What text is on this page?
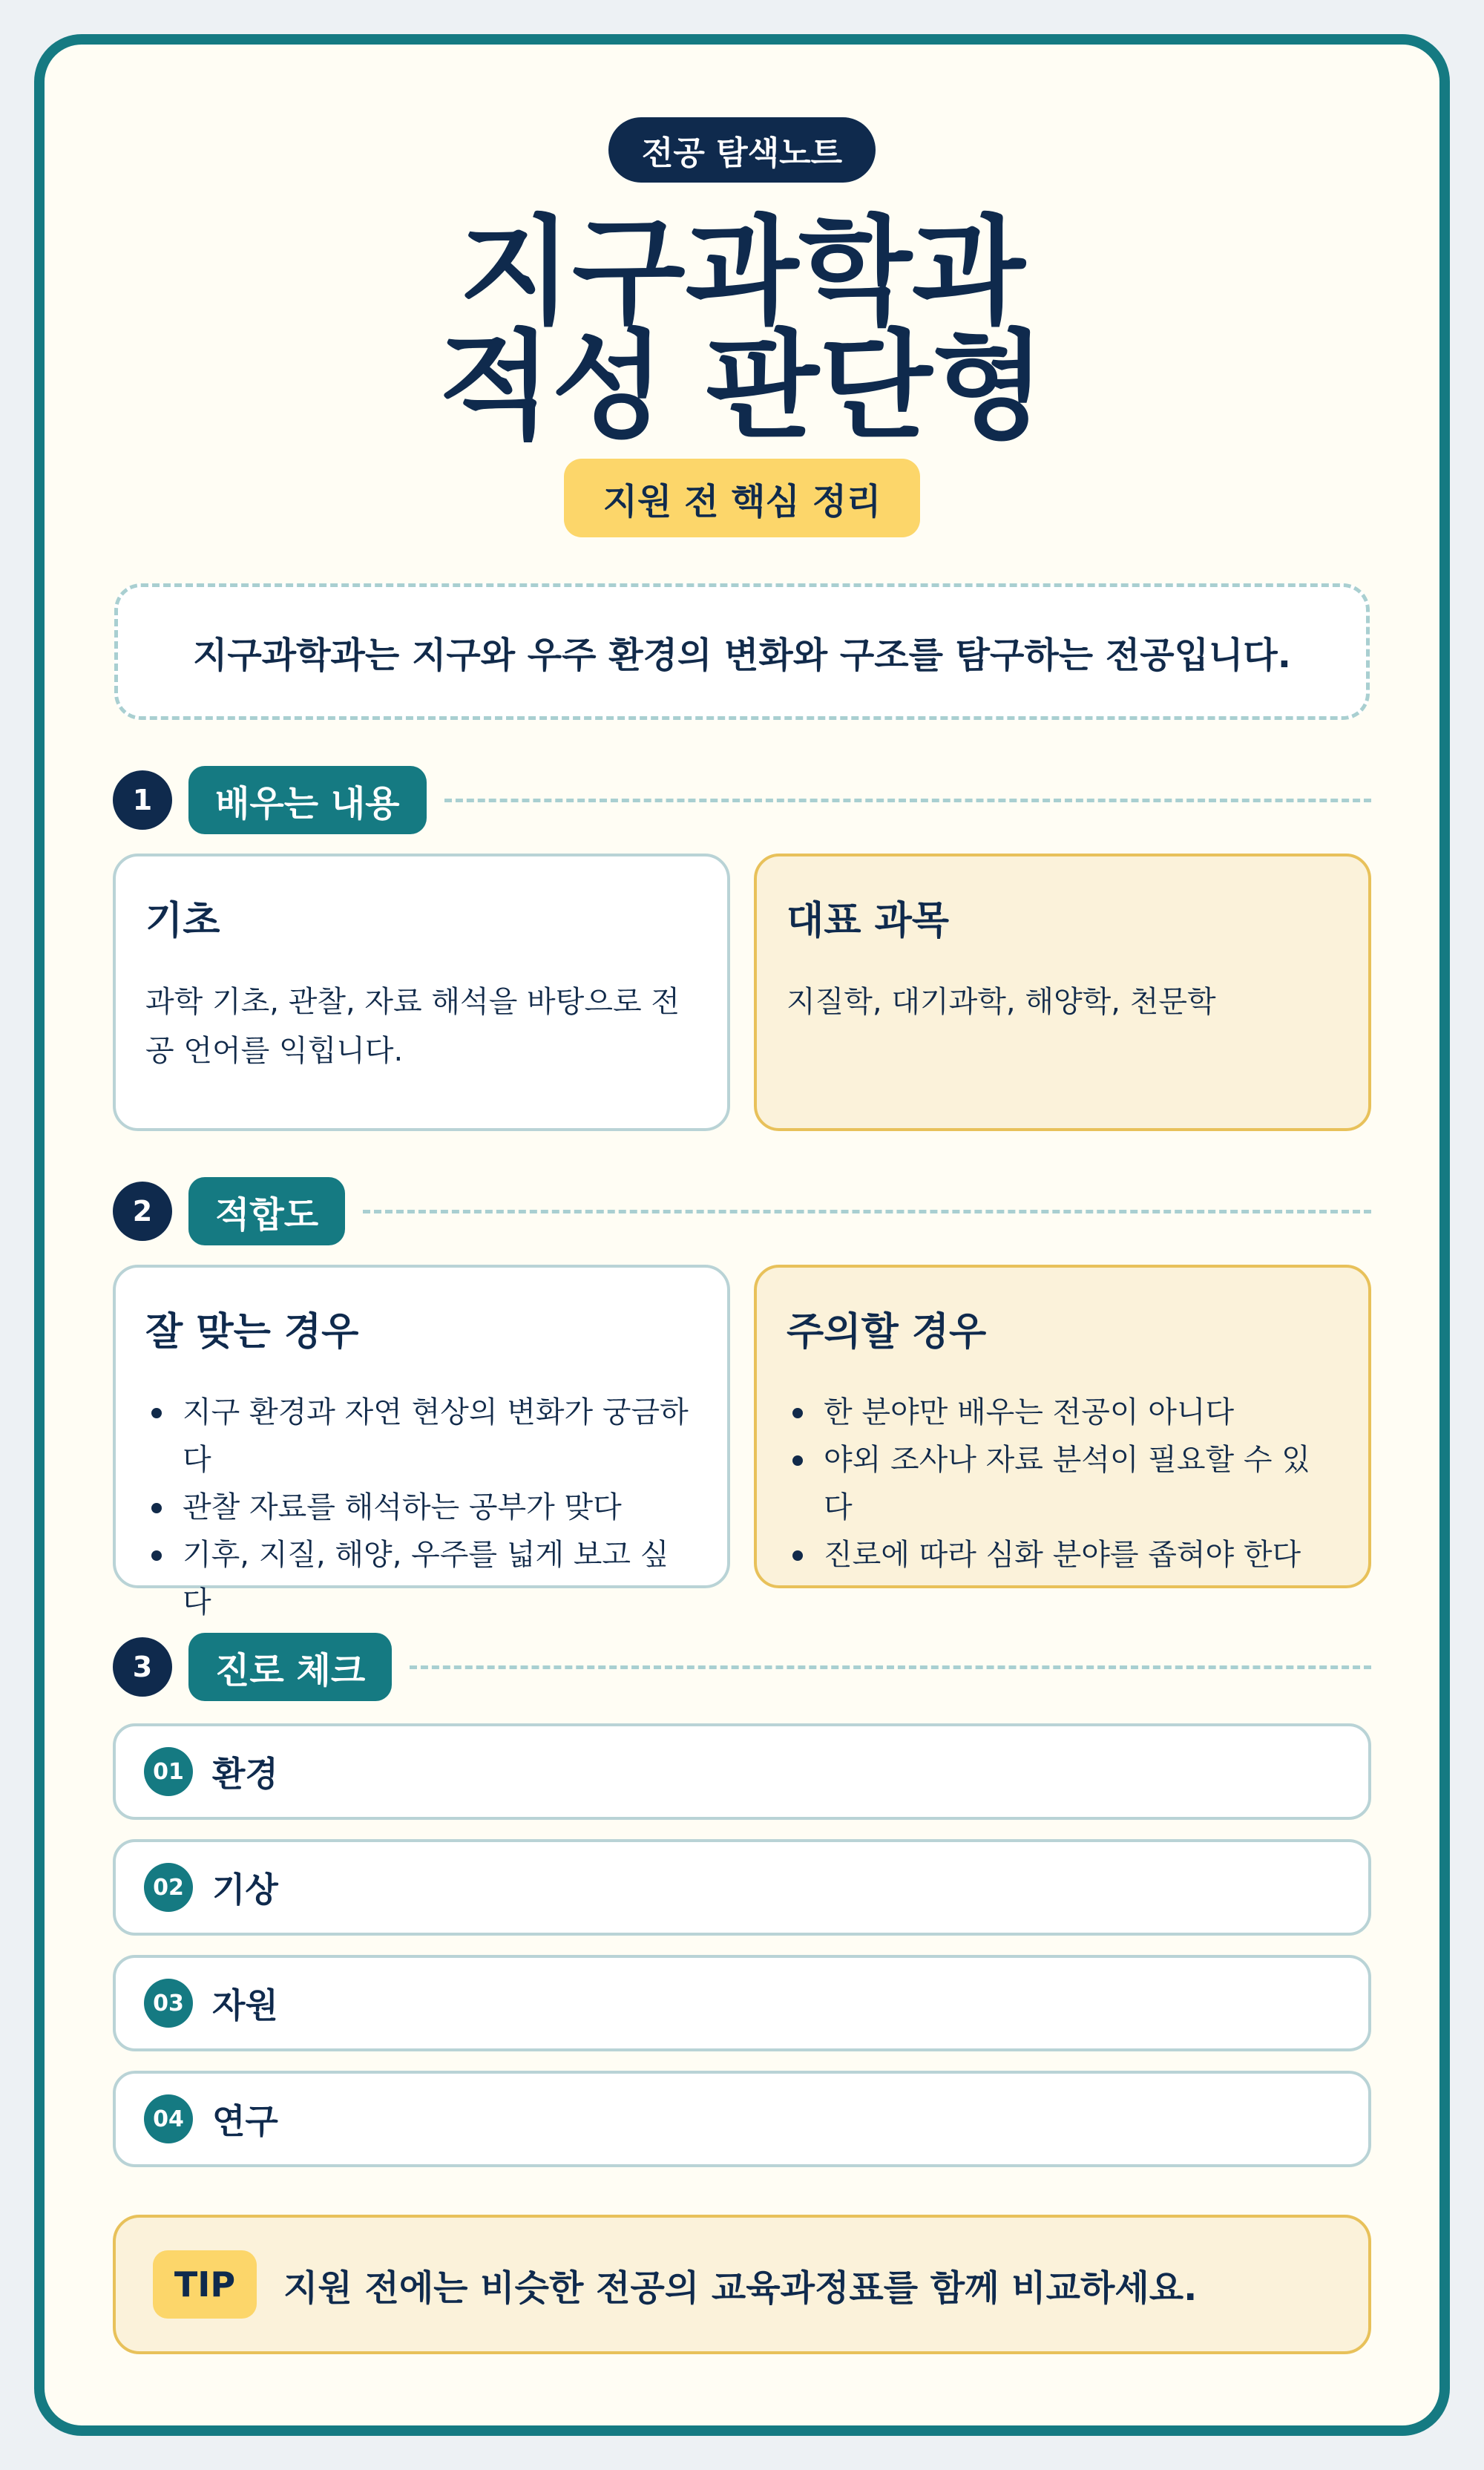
전공 탐색노트
지구과학과
적성 판단형
지원 전 핵심 정리
지구과학과는 지구와 우주 환경의 변화와 구조를 탐구하는 전공입니다.
1	배우는 내용
기초

과학 기초, 관찰, 자료 해석을 바탕으로 전공 언어를 익힙니다.

대표 과목

지질학, 대기과학, 해양학, 천문학

2	적합도
잘 맞는 경우
지구 환경과 자연 현상의 변화가 궁금하다
관찰 자료를 해석하는 공부가 맞다
기후, 지질, 해양, 우주를 넓게 보고 싶다
주의할 경우
한 분야만 배우는 전공이 아니다
야외 조사나 자료 분석이 필요할 수 있다
진로에 따라 심화 분야를 좁혀야 한다
3	진로 체크
01 환경
02 기상
03 자원
04 연구
TIP	지원 전에는 비슷한 전공의 교육과정표를 함께 비교하세요.
